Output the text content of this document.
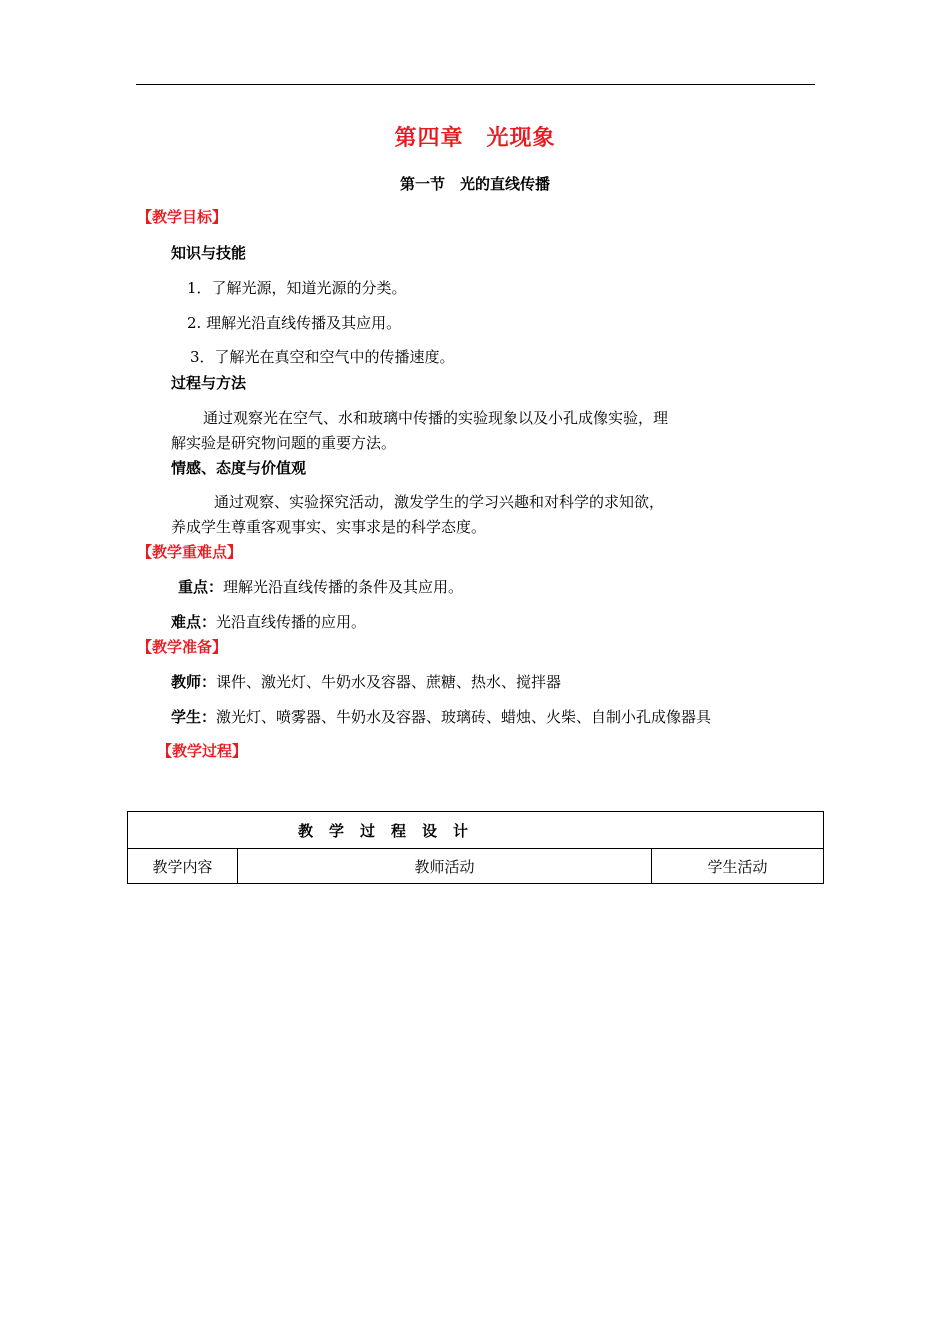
第四章　光现象
第一节　光的直线传播
【教学目标】
知识与技能
1．了解光源，知道光源的分类。
2. 理解光沿直线传播及其应用。
3．了解光在真空和空气中的传播速度。
过程与方法
通过观察光在空气、水和玻璃中传播的实验现象以及小孔成像实验，理
解实验是研究物问题的重要方法。
情感、态度与价值观
通过观察、实验探究活动，激发学生的学习兴趣和对科学的求知欲，
养成学生尊重客观事实、实事求是的科学态度。
【教学重难点】
重点：理解光沿直线传播的条件及其应用。
难点：光沿直线传播的应用。
【教学准备】
教师：课件、激光灯、牛奶水及容器、蔗糖、热水、搅拌器
学生：激光灯、喷雾器、牛奶水及容器、玻璃砖、蜡烛、火柴、自制小孔成像器具
【教学过程】
教学过程设计
教学内容	教师活动	学生活动
